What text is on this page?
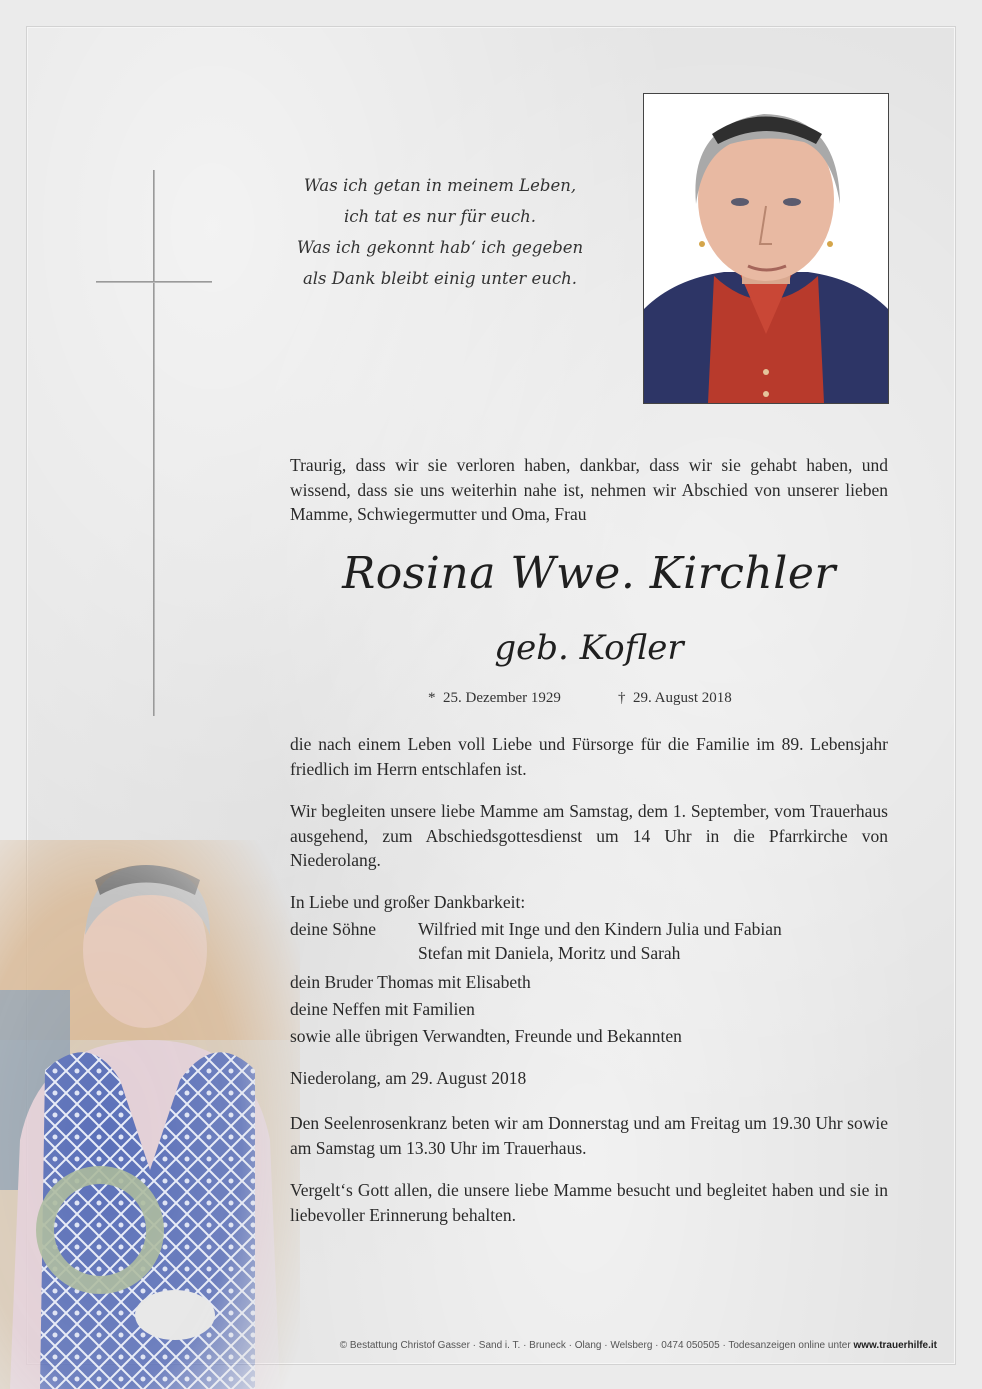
Was ich getan in meinem Leben,
ich tat es nur für euch.
Was ich gekonnt hab‘ ich gegeben
als Dank bleibt einig unter euch.

Traurig, dass wir sie verloren haben, dankbar, dass wir sie gehabt haben, und wissend, dass sie uns weiterhin nahe ist, nehmen wir Abschied von unserer lieben Mamme, Schwiegermutter und Oma, Frau

Rosina Wwe. Kirchler
geb. Kofler
* 25. Dezember 1929	† 29. August 2018

die nach einem Leben voll Liebe und Fürsorge für die Familie im 89. Lebensjahr friedlich im Herrn entschlafen ist.

Wir begleiten unsere liebe Mamme am Samstag, dem 1. September, vom Trauerhaus ausgehend, zum Abschiedsgottesdienst um 14 Uhr in die Pfarrkirche von Niederolang.

In Liebe und großer Dankbarkeit:
deine Söhne Wilfried mit Inge und den Kindern Julia und Fabian
Stefan mit Daniela, Moritz und Sarah
dein Bruder Thomas mit Elisabeth
deine Neffen mit Familien
sowie alle übrigen Verwandten, Freunde und Bekannten
Niederolang, am 29. August 2018

Den Seelenrosenkranz beten wir am Donnerstag und am Freitag um 19.30 Uhr sowie am Samstag um 13.30 Uhr im Trauerhaus.

Vergelt‘s Gott allen, die unsere liebe Mamme besucht und begleitet haben und sie in liebevoller Erinnerung behalten.

© Bestattung Christof Gasser · Sand i. T. · Bruneck · Olang · Welsberg · 0474 050505 · Todesanzeigen online unter www.trauerhilfe.it
